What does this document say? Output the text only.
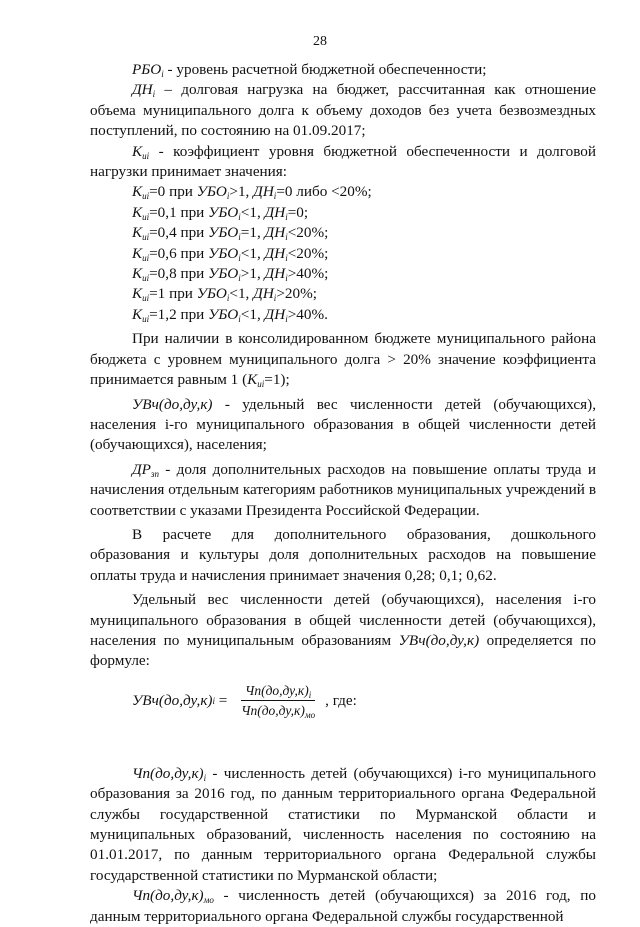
28

$РБО_i$ - уровень расчетной бюджетной обеспеченности;

$ДН_i$ – долговая нагрузка на бюджет, рассчитанная как отношение объема муниципального долга к объему доходов без учета безвозмездных поступлений, по состоянию на 01.09.2017;

$К_{иi}$ - коэффициент уровня бюджетной обеспеченности и долговой нагрузки принимает значения:

$К_{иi}=0$ при $УБО_i>1$, $ДН_i=0$ либо <20%;

$К_{иi}=0,1$ при $УБО_i<1$, $ДН_i=0$;

$К_{иi}=0,4$ при $УБО_i=1$, $ДН_i<20\%$;

$К_{иi}=0,6$ при $УБО_i<1$, $ДН_i<20\%$;

$К_{иi}=0,8$ при $УБО_i>1$, $ДН_i>40\%$;

$К_{иi}=1$ при $УБО_i<1$, $ДН_i>20\%$;

$К_{иi}=1,2$ при $УБО_i<1$, $ДН_i>40\%$.

При наличии в консолидированном бюджете муниципального района бюджета с уровнем муниципального долга > 20% значение коэффициента принимается равным 1 $(К_{иi}=1)$;

УВч(до,ду,к) - удельный вес численности детей (обучающихся), населения i-го муниципального образования в общей численности детей (обучающихся), населения;

$ДР_{зп}$ - доля дополнительных расходов на повышение оплаты труда и начисления отдельным категориям работников муниципальных учреждений в соответствии с указами Президента Российской Федерации.

В расчете для дополнительного образования, дошкольного образования и культуры доля дополнительных расходов на повышение оплаты труда и начисления принимает значения 0,28; 0,1; 0,62.

Удельный вес численности детей (обучающихся), населения i-го муниципального образования в общей численности детей (обучающихся), населения по муниципальным образованиям УВч(до,ду,к) определяется по формуле:

УВч(до,ду,к) $i = \frac{Чп(до,ду,к)_i}{Чп(до,ду,к)_{мо}}$ , где:

$Чп(до,ду,к)_i$ - численность детей (обучающихся) i-го муниципального образования за 2016 год, по данным территориального органа Федеральной службы государственной статистики по Мурманской области и муниципальных образований, численность населения по состоянию на 01.01.2017, по данным территориального органа Федеральной службы государственной статистики по Мурманской области;

$Чп(до,ду,к)_{мо}$ - численность детей (обучающихся) за 2016 год, по данным территориального органа Федеральной службы государственной
